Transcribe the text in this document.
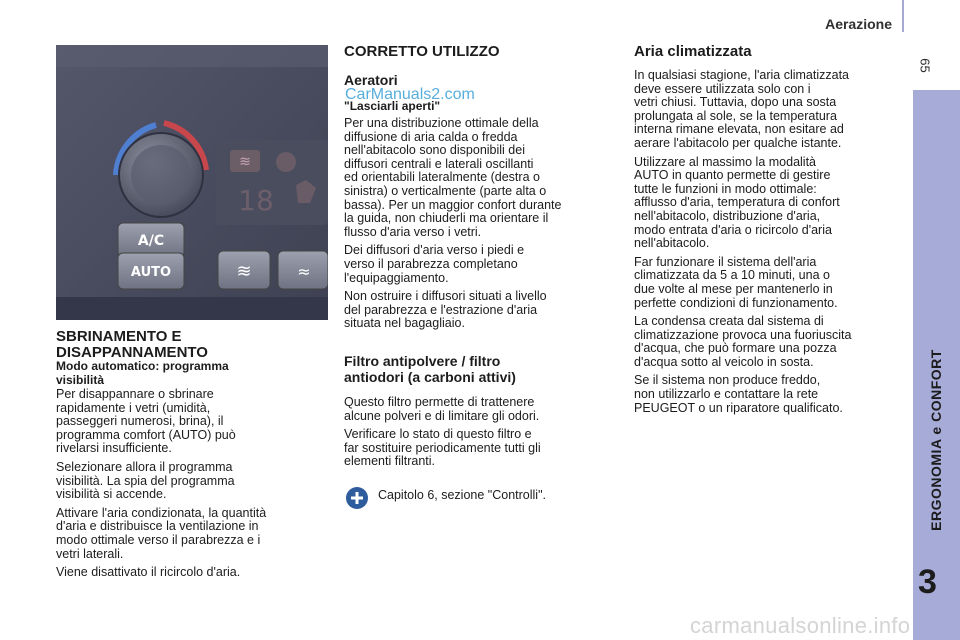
Aerazione
65
ERGONOMIA e CONFORT
3
≋
18
A/C
AUTO	≋	≈
SBRINAMENTO E
DISAPPANNAMENTO
Modo automatico: programma
visibilità

Per disappannare o sbrinare
rapidamente i vetri (umidità,
passeggeri numerosi, brina), il
programma comfort (AUTO) può
rivelarsi insufficiente.

Selezionare allora il programma
visibilità. La spia del programma
visibilità si accende.

Attivare l'aria condizionata, la quantità
d'aria e distribuisce la ventilazione in
modo ottimale verso il parabrezza e i
vetri laterali.

Viene disattivato il ricircolo d'aria.

CORRETTO UTILIZZO
Aeratori
CarManuals2.com
"Lasciarli aperti"

Per una distribuzione ottimale della
diffusione di aria calda o fredda
nell'abitacolo sono disponibili dei
diffusori centrali e laterali oscillanti
ed orientabili lateralmente (destra o
sinistra) o verticalmente (parte alta o
bassa). Per un maggior confort durante
la guida, non chiuderli ma orientare il
flusso d'aria verso i vetri.

Dei diffusori d'aria verso i piedi e
verso il parabrezza completano
l'equipaggiamento.

Non ostruire i diffusori situati a livello
del parabrezza e l'estrazione d'aria
situata nel bagagliaio.

Filtro antipolvere / filtro
antiodori (a carboni attivi)

Questo filtro permette di trattenere
alcune polveri e di limitare gli odori.

Verificare lo stato di questo filtro e
far sostituire periodicamente tutti gli
elementi filtranti.

Capitolo 6, sezione "Controlli".
Aria climatizzata

In qualsiasi stagione, l'aria climatizzata
deve essere utilizzata solo con i
vetri chiusi. Tuttavia, dopo una sosta
prolungata al sole, se la temperatura
interna rimane elevata, non esitare ad
aerare l'abitacolo per qualche istante.

Utilizzare al massimo la modalità
AUTO in quanto permette di gestire
tutte le funzioni in modo ottimale:
afflusso d'aria, temperatura di confort
nell'abitacolo, distribuzione d'aria,
modo entrata d'aria o ricircolo d'aria
nell'abitacolo.

Far funzionare il sistema dell'aria
climatizzata da 5 a 10 minuti, una o
due volte al mese per mantenerlo in
perfette condizioni di funzionamento.

La condensa creata dal sistema di
climatizzazione provoca una fuoriuscita
d'acqua, che può formare una pozza
d'acqua sotto al veicolo in sosta.

Se il sistema non produce freddo,
non utilizzarlo e contattare la rete
PEUGEOT o un riparatore qualificato.

carmanualsonline.info
